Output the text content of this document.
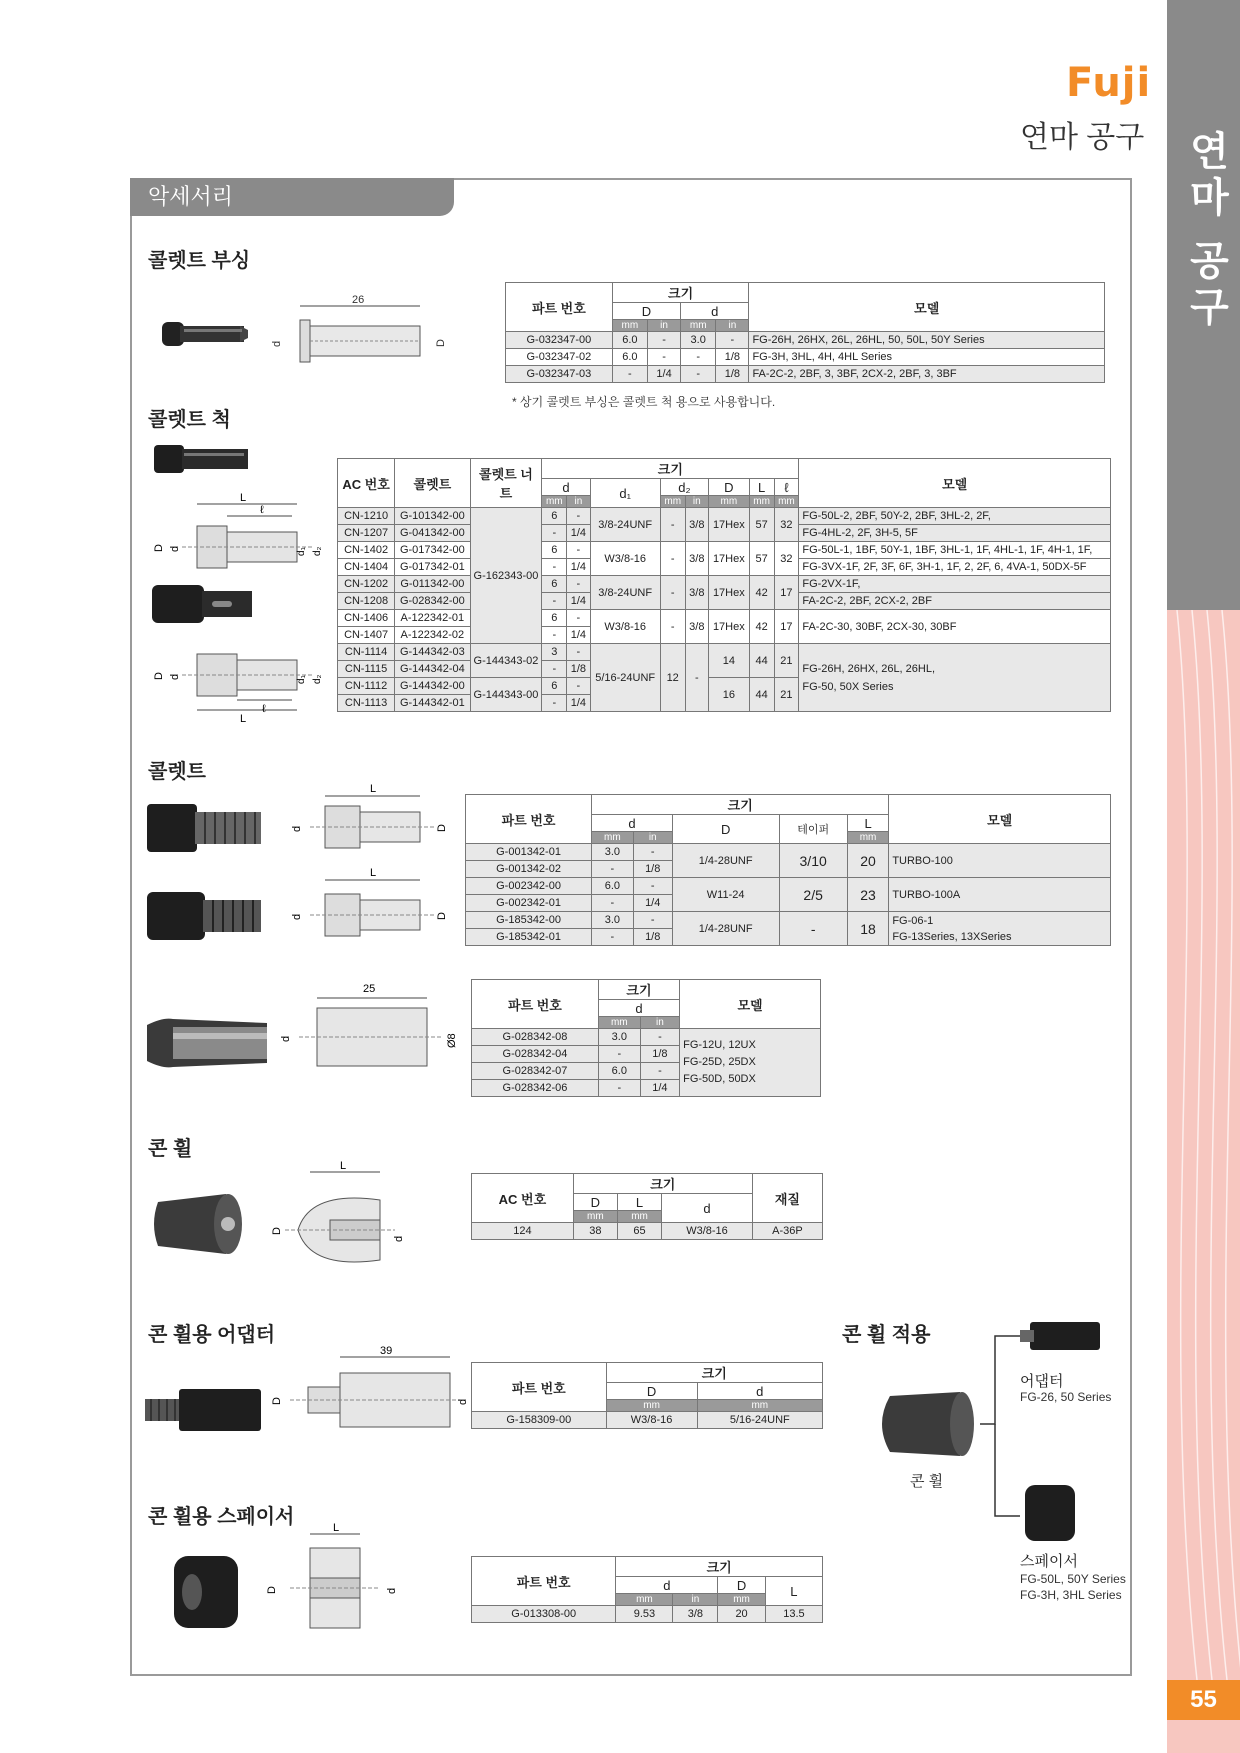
연마 공구
55
Fuji
연마 공구
악세서리
콜렛트 부싱
26
d	D
파트 번호	크기				모델
	D		d		
	mm	in	mm	in	
G-032347-00	6.0	-	3.0	-	FG-26H, 26HX, 26L, 26HL, 50, 50L, 50Y Series
G-032347-02	6.0	-	-	1/8	FG-3H, 3HL, 4H, 4HL Series
G-032347-03	-	1/4	-	1/8	FA-2C-2, 2BF, 3, 3BF, 2CX-2, 2BF, 3, 3BF
* 상기 콜렛트 부싱은 콜렛트 척 용으로 사용합니다.
콜렛트 척
L
ℓ
D d	d₁ d₂
L
ℓ
D d	d₁ d₂
AC 번호	콜렛트	콜렛트 너트	크기								모델
			d		d₁	d₂		D	L	ℓ	
			mm	in		mm	in	mm	mm	mm	
CN-1210	G-101342-00	G-162343-00	6	-	3/8-24UNF	-	3/8	17Hex	57	32	FG-50L-2, 2BF, 50Y-2, 2BF, 3HL-2, 2F,
CN-1207	G-041342-00		-	1/4							FG-4HL-2, 2F, 3H-5, 5F
CN-1402	G-017342-00		6	-	W3/8-16	-	3/8	17Hex	57	32	FG-50L-1, 1BF, 50Y-1, 1BF, 3HL-1, 1F, 4HL-1, 1F, 4H-1, 1F,
CN-1404	G-017342-01		-	1/4							FG-3VX-1F, 2F, 3F, 6F, 3H-1, 1F, 2, 2F, 6, 4VA-1, 50DX-5F
CN-1202	G-011342-00		6	-	3/8-24UNF	-	3/8	17Hex	42	17	FG-2VX-1F,
CN-1208	G-028342-00		-	1/4							FA-2C-2, 2BF, 2CX-2, 2BF
CN-1406	A-122342-01		6	-	W3/8-16	-	3/8	17Hex	42	17	FA-2C-30, 30BF, 2CX-30, 30BF
CN-1407	A-122342-02		-	1/4							
CN-1114	G-144342-03	G-144343-02	3	-	5/16-24UNF	12	-	14	44	21	FG-26H, 26HX, 26L, 26HL,
FG-50, 50X Series
CN-1115	G-144342-04		-	1/8							
CN-1112	G-144342-00	G-144343-00	6	-				16	44	21	
CN-1113	G-144342-01		-	1/4							
콜렛트
L
d	D
L
d	D
파트 번호	크기					모델
	d		D	테이퍼	L	
	mm	in			mm	
G-001342-01	3.0	-	1/4-28UNF	3/10	20	TURBO-100
G-001342-02	-	1/8				
G-002342-00	6.0	-	W11-24	2/5	23	TURBO-100A
G-002342-01	-	1/4				
G-185342-00	3.0	-	1/4-28UNF	-	18	FG-06-1
FG-13Series, 13XSeries
G-185342-01	-	1/8				
25
d	Ø8
파트 번호	크기		모델
	d		
	mm	in	
G-028342-08	3.0	-	FG-12U, 12UX
FG-25D, 25DX
FG-50D, 50DX
G-028342-04	-	1/8	
G-028342-07	6.0	-	
G-028342-06	-	1/4	
콘 휠
L
D
d
AC 번호	크기			재질
	D	L	d	
	mm	mm		
124	38	65	W3/8-16	A-36P
콘 휠용 어댑터
39
D	d
파트 번호	크기	
	D	d
	mm	mm
G-158309-00	W3/8-16	5/16-24UNF
콘 휠용 스페이서	L
D	d
파트 번호	크기			
	d		D	L
	mm	in	mm	
G-013308-00	9.53	3/8	20	13.5
콘 휠 적용
어댑터
FG-26, 50 Series
콘 휠
스페이서
FG-50L, 50Y Series
FG-3H, 3HL Series
